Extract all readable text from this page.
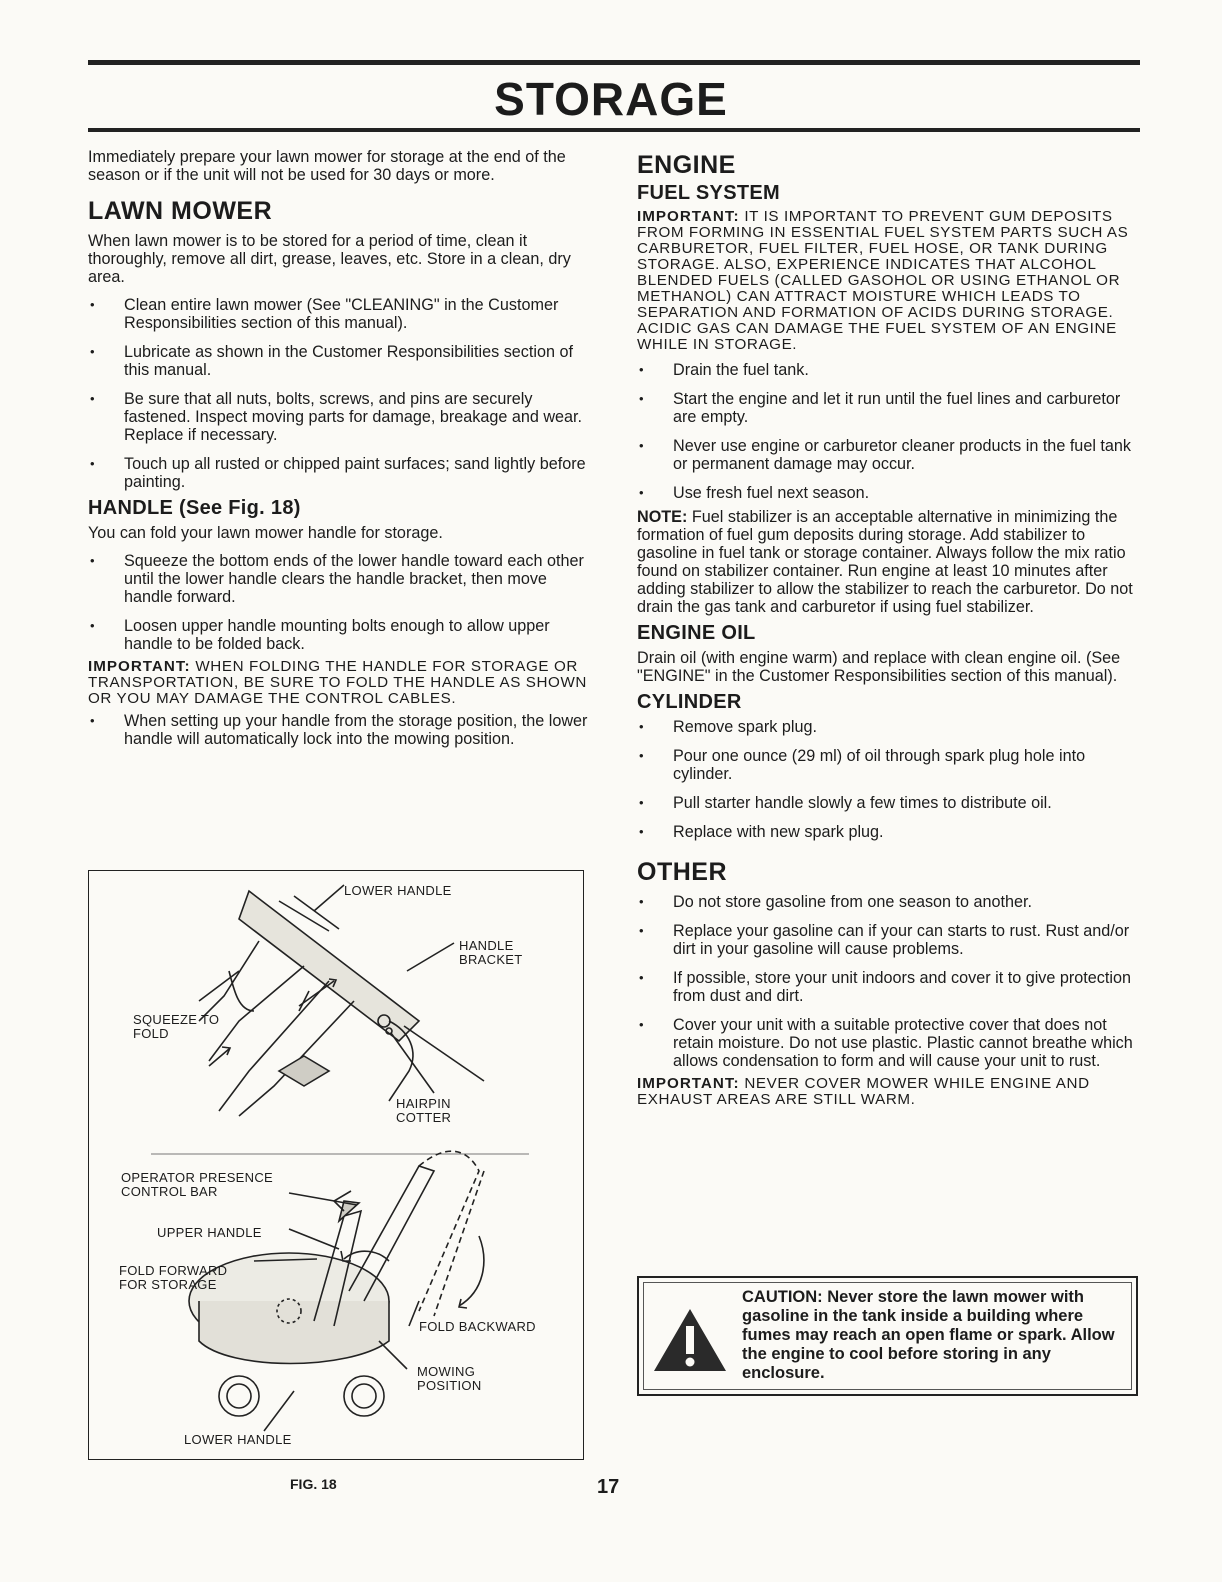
STORAGE

Immediately prepare your lawn mower for storage at the end of the season or if the unit will not be used for 30 days or more.

LAWN MOWER

When lawn mower is to be stored for a period of time, clean it thoroughly, remove all dirt, grease, leaves, etc. Store in a clean, dry area.

• Clean entire lawn mower (See "CLEANING" in the Customer Responsibilities section of this manual).
• Lubricate as shown in the Customer Responsibilities section of this manual.
• Be sure that all nuts, bolts, screws, and pins are securely fastened. Inspect moving parts for damage, breakage and wear. Replace if necessary.
• Touch up all rusted or chipped paint surfaces; sand lightly before painting.
HANDLE (See Fig. 18)

You can fold your lawn mower handle for storage.

• Squeeze the bottom ends of the lower handle toward each other until the lower handle clears the handle bracket, then move handle forward.
• Loosen upper handle mounting bolts enough to allow upper handle to be folded back.

IMPORTANT: WHEN FOLDING THE HANDLE FOR STORAGE OR TRANSPORTATION, BE SURE TO FOLD THE HANDLE AS SHOWN OR YOU MAY DAMAGE THE CONTROL CABLES.

• When setting up your handle from the storage position, the lower handle will automatically lock into the mowing position.
LOWER HANDLE
HANDLE BRACKET
SQUEEZE TO FOLD
HAIRPIN COTTER
OPERATOR PRESENCE CONTROL BAR
UPPER HANDLE
FOLD FORWARD FOR STORAGE
FOLD BACKWARD
MOWING POSITION
LOWER HANDLE
FIG. 18
ENGINE
FUEL SYSTEM

IMPORTANT: IT IS IMPORTANT TO PREVENT GUM DEPOSITS FROM FORMING IN ESSENTIAL FUEL SYSTEM PARTS SUCH AS CARBURETOR, FUEL FILTER, FUEL HOSE, OR TANK DURING STORAGE. ALSO, EXPERIENCE INDICATES THAT ALCOHOL BLENDED FUELS (CALLED GASOHOL OR USING ETHANOL OR METHANOL) CAN ATTRACT MOISTURE WHICH LEADS TO SEPARATION AND FORMATION OF ACIDS DURING STORAGE. ACIDIC GAS CAN DAMAGE THE FUEL SYSTEM OF AN ENGINE WHILE IN STORAGE.

• Drain the fuel tank.
• Start the engine and let it run until the fuel lines and carburetor are empty.
• Never use engine or carburetor cleaner products in the fuel tank or permanent damage may occur.
• Use fresh fuel next season.

NOTE: Fuel stabilizer is an acceptable alternative in minimizing the formation of fuel gum deposits during storage. Add stabilizer to gasoline in fuel tank or storage container. Always follow the mix ratio found on stabilizer container. Run engine at least 10 minutes after adding stabilizer to allow the stabilizer to reach the carburetor. Do not drain the gas tank and carburetor if using fuel stabilizer.

ENGINE OIL

Drain oil (with engine warm) and replace with clean engine oil. (See "ENGINE" in the Customer Responsibilities section of this manual).

CYLINDER
• Remove spark plug.
• Pour one ounce (29 ml) of oil through spark plug hole into cylinder.
• Pull starter handle slowly a few times to distribute oil.
• Replace with new spark plug.
OTHER
• Do not store gasoline from one season to another.
• Replace your gasoline can if your can starts to rust. Rust and/or dirt in your gasoline will cause problems.
• If possible, store your unit indoors and cover it to give protection from dust and dirt.
• Cover your unit with a suitable protective cover that does not retain moisture. Do not use plastic. Plastic cannot breathe which allows condensation to form and will cause your unit to rust.

IMPORTANT: NEVER COVER MOWER WHILE ENGINE AND EXHAUST AREAS ARE STILL WARM.

CAUTION: Never store the lawn mower with gasoline in the tank inside a building where fumes may reach an open flame or spark. Allow the engine to cool before storing in any enclosure.
17
